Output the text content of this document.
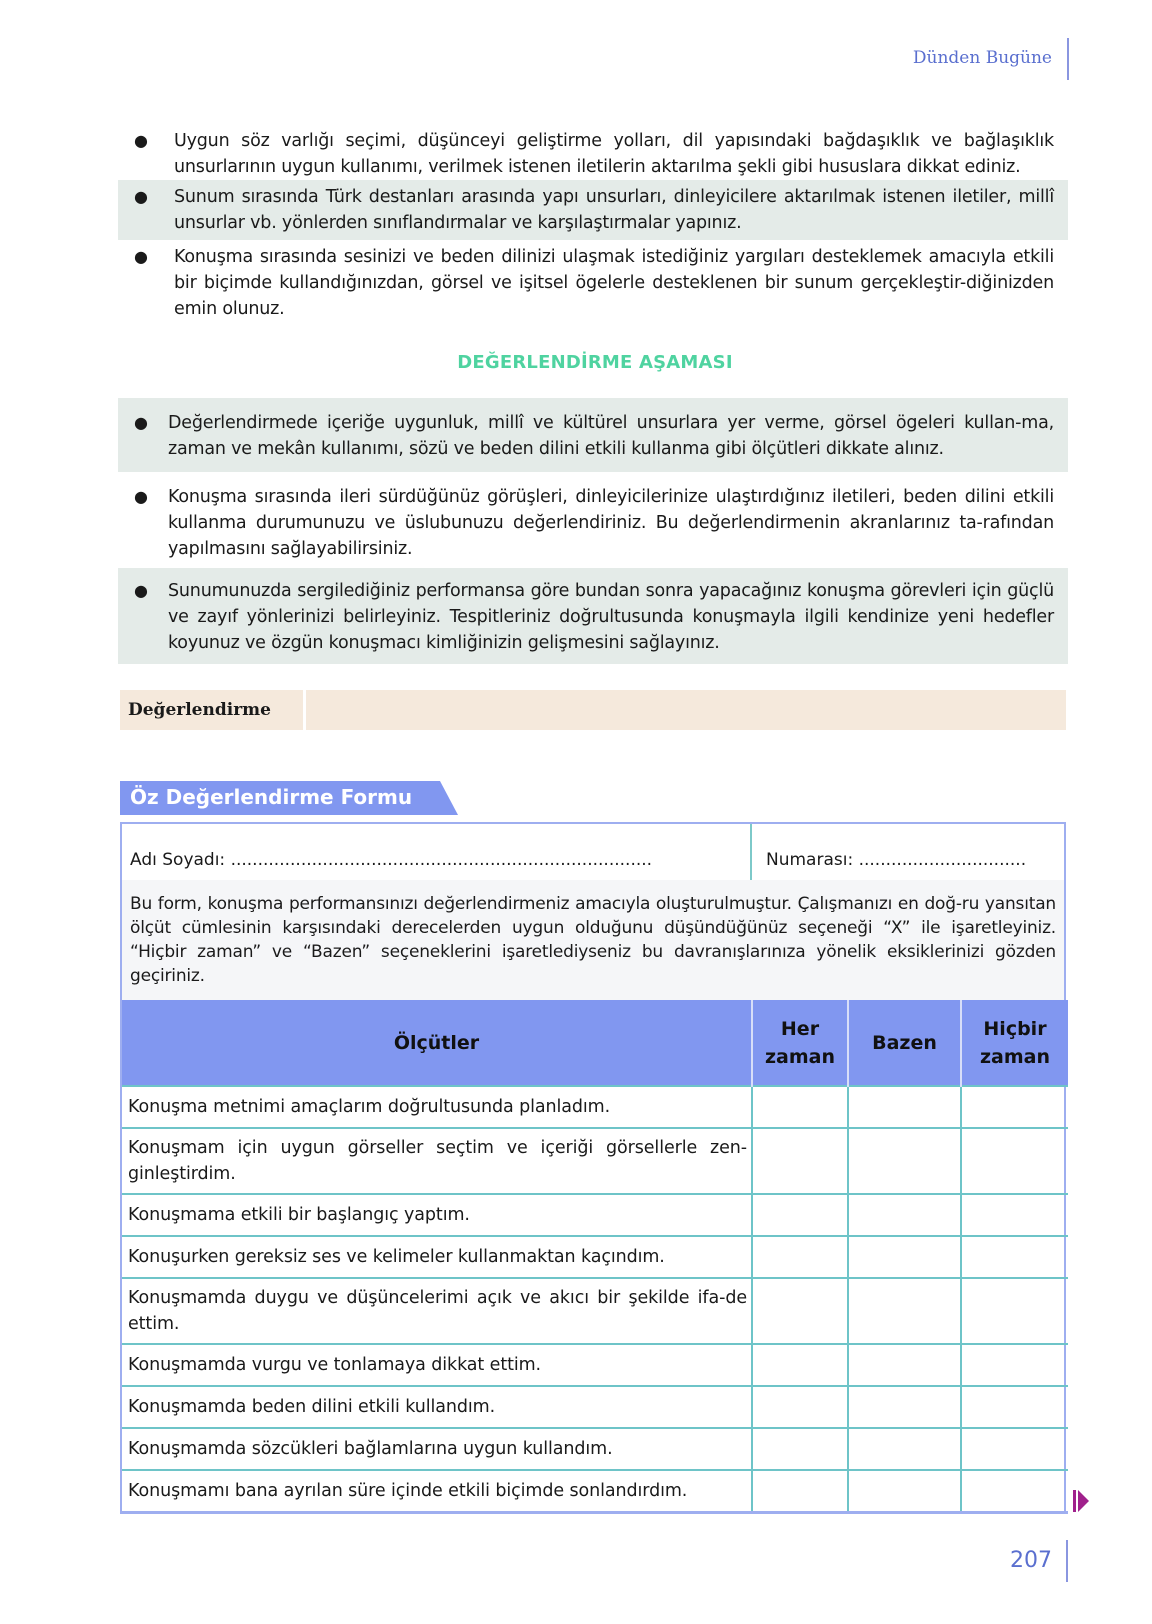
Dünden Bugüne
●	Uygun söz varlığı seçimi, düşünceyi geliştirme yolları, dil yapısındaki bağdaşıklık ve bağlaşıklık unsurlarının uygun kullanımı, verilmek istenen iletilerin aktarılma şekli gibi hususlara dikkat ediniz.
●	Sunum sırasında Türk destanları arasında yapı unsurları, dinleyicilere aktarılmak istenen iletiler, millî unsurlar vb. yönlerden sınıflandırmalar ve karşılaştırmalar yapınız.
●	Konuşma sırasında sesinizi ve beden dilinizi ulaşmak istediğiniz yargıları desteklemek amacıyla etkili bir biçimde kullandığınızdan, görsel ve işitsel ögelerle desteklenen bir sunum gerçekleştir-diğinizden emin olunuz.
DEĞERLENDİRME AŞAMASI
●	Değerlendirmede içeriğe uygunluk, millî ve kültürel unsurlara yer verme, görsel ögeleri kullan-ma, zaman ve mekân kullanımı, sözü ve beden dilini etkili kullanma gibi ölçütleri dikkate alınız.
●	Konuşma sırasında ileri sürdüğünüz görüşleri, dinleyicilerinize ulaştırdığınız iletileri, beden dilini etkili kullanma durumunuzu ve üslubunuzu değerlendiriniz. Bu değerlendirmenin akranlarınız ta-rafından yapılmasını sağlayabilirsiniz.
●	Sunumunuzda sergilediğiniz performansa göre bundan sonra yapacağınız konuşma görevleri için güçlü ve zayıf yönlerinizi belirleyiniz. Tespitleriniz doğrultusunda konuşmayla ilgili kendinize yeni hedefler koyunuz ve özgün konuşmacı kimliğinizin gelişmesini sağlayınız.
Değerlendirme
Öz Değerlendirme Formu
Adı Soyadı: ..............................................................................	Numarası: ...............................
Bu form, konuşma performansınızı değerlendirmeniz amacıyla oluşturulmuştur. Çalışmanızı en doğ-ru yansıtan ölçüt cümlesinin karşısındaki derecelerden uygun olduğunu düşündüğünüz seçeneği “X” ile işaretleyiniz. “Hiçbir zaman” ve “Bazen” seçeneklerini işaretlediyseniz bu davranışlarınıza yönelik eksiklerinizi gözden geçiriniz.
Ölçütler	Her zaman	Bazen	Hiçbir zaman
Konuşma metnimi amaçlarım doğrultusunda planladım.			
Konuşmam için uygun görseller seçtim ve içeriği görsellerle zen-ginleştirdim.			
Konuşmama etkili bir başlangıç yaptım.			
Konuşurken gereksiz ses ve kelimeler kullanmaktan kaçındım.			
Konuşmamda duygu ve düşüncelerimi açık ve akıcı bir şekilde ifa-de ettim.			
Konuşmamda vurgu ve tonlamaya dikkat ettim.			
Konuşmamda beden dilini etkili kullandım.			
Konuşmamda sözcükleri bağlamlarına uygun kullandım.			
Konuşmamı bana ayrılan süre içinde etkili biçimde sonlandırdım.			
207
